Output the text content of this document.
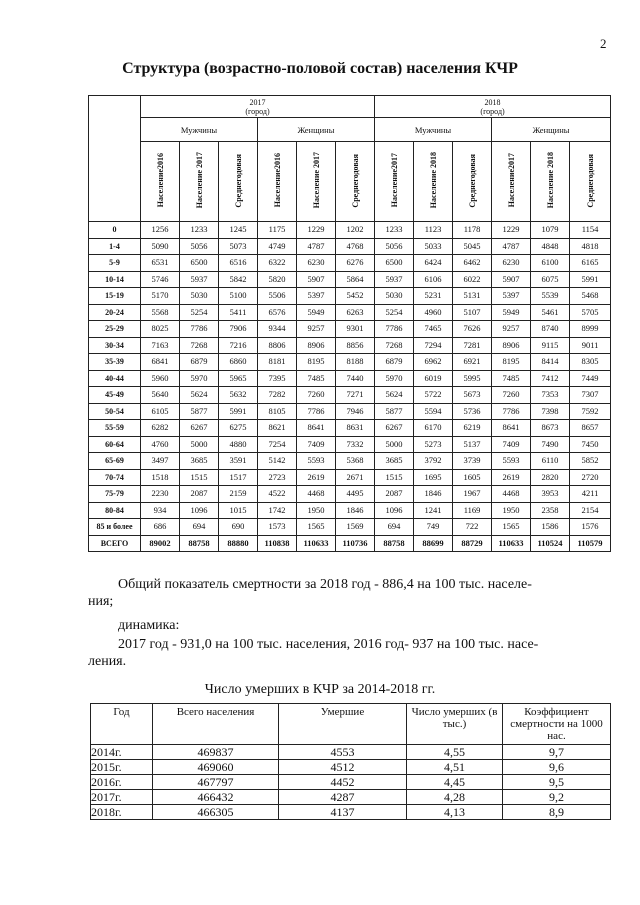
2
Структура (возрастно-половой состав) населения КЧР
	2017
(город)						2018
(город)					
	Мужчины			Женщины			Мужчины			Женщины		
	Население2016	Население 2017	Среднегодовая	Население2016	Население 2017	Среднегодовая	Население2017	Население 2018	Среднегодовая	Население2017	Население 2018	Среднегодовая
0	1256	1233	1245	1175	1229	1202	1233	1123	1178	1229	1079	1154
1-4	5090	5056	5073	4749	4787	4768	5056	5033	5045	4787	4848	4818
5-9	6531	6500	6516	6322	6230	6276	6500	6424	6462	6230	6100	6165
10-14	5746	5937	5842	5820	5907	5864	5937	6106	6022	5907	6075	5991
15-19	5170	5030	5100	5506	5397	5452	5030	5231	5131	5397	5539	5468
20-24	5568	5254	5411	6576	5949	6263	5254	4960	5107	5949	5461	5705
25-29	8025	7786	7906	9344	9257	9301	7786	7465	7626	9257	8740	8999
30-34	7163	7268	7216	8806	8906	8856	7268	7294	7281	8906	9115	9011
35-39	6841	6879	6860	8181	8195	8188	6879	6962	6921	8195	8414	8305
40-44	5960	5970	5965	7395	7485	7440	5970	6019	5995	7485	7412	7449
45-49	5640	5624	5632	7282	7260	7271	5624	5722	5673	7260	7353	7307
50-54	6105	5877	5991	8105	7786	7946	5877	5594	5736	7786	7398	7592
55-59	6282	6267	6275	8621	8641	8631	6267	6170	6219	8641	8673	8657
60-64	4760	5000	4880	7254	7409	7332	5000	5273	5137	7409	7490	7450
65-69	3497	3685	3591	5142	5593	5368	3685	3792	3739	5593	6110	5852
70-74	1518	1515	1517	2723	2619	2671	1515	1695	1605	2619	2820	2720
75-79	2230	2087	2159	4522	4468	4495	2087	1846	1967	4468	3953	4211
80-84	934	1096	1015	1742	1950	1846	1096	1241	1169	1950	2358	2154
85 и более	686	694	690	1573	1565	1569	694	749	722	1565	1586	1576
ВСЕГО	89002	88758	88880	110838	110633	110736	88758	88699	88729	110633	110524	110579
Общий показатель смертности за 2018 год - 886,4 на 100 тыс. населе-
ния;
динамика:
2017 год - 931,0 на 100 тыс. населения, 2016 год- 937 на 100 тыс. насе-
ления.
Число умерших в КЧР за 2014-2018 гг.
Год	Всего населения	Умершие	Число умерших (в тыс.)	Коэффициент смертности на 1000 нас.
2014г.	469837	4553	4,55	9,7
2015г.	469060	4512	4,51	9,6
2016г.	467797	4452	4,45	9,5
2017г.	466432	4287	4,28	9,2
2018г.	466305	4137	4,13	8,9
